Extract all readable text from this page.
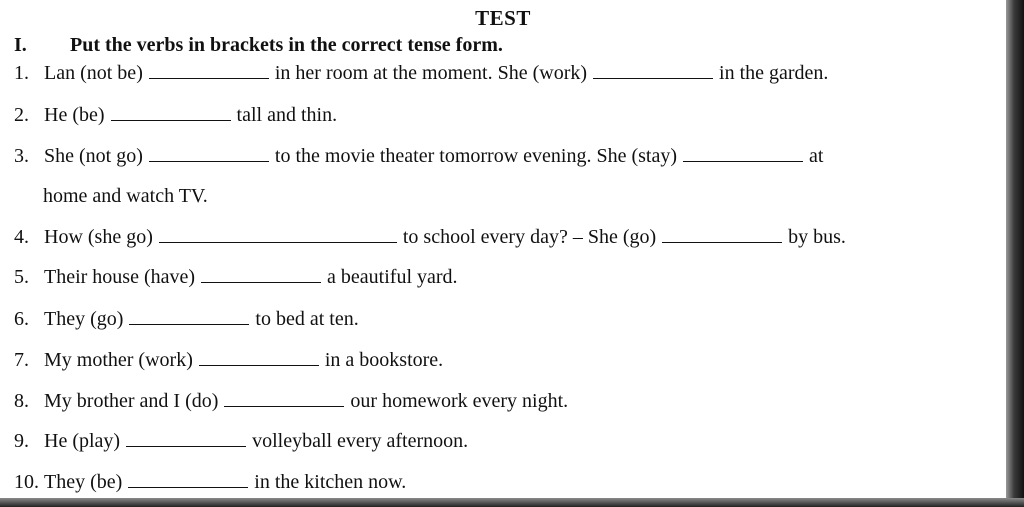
TEST
I. Put the verbs in brackets in the correct tense form.
1. Lan (not be)	in her room at the moment. She (work)	in the garden.
2. He (be)	tall and thin.
3. She (not go)	to the movie theater tomorrow evening. She (stay)	at
home and watch TV.
4. How (she go)	to school every day? – She (go)	by bus.
5. Their house (have)	a beautiful yard.
6. They (go)	to bed at ten.
7. My mother (work)	in a bookstore.
8. My brother and I (do)	our homework every night.
9. He (play)	volleyball every afternoon.
10. They (be)	in the kitchen now.
